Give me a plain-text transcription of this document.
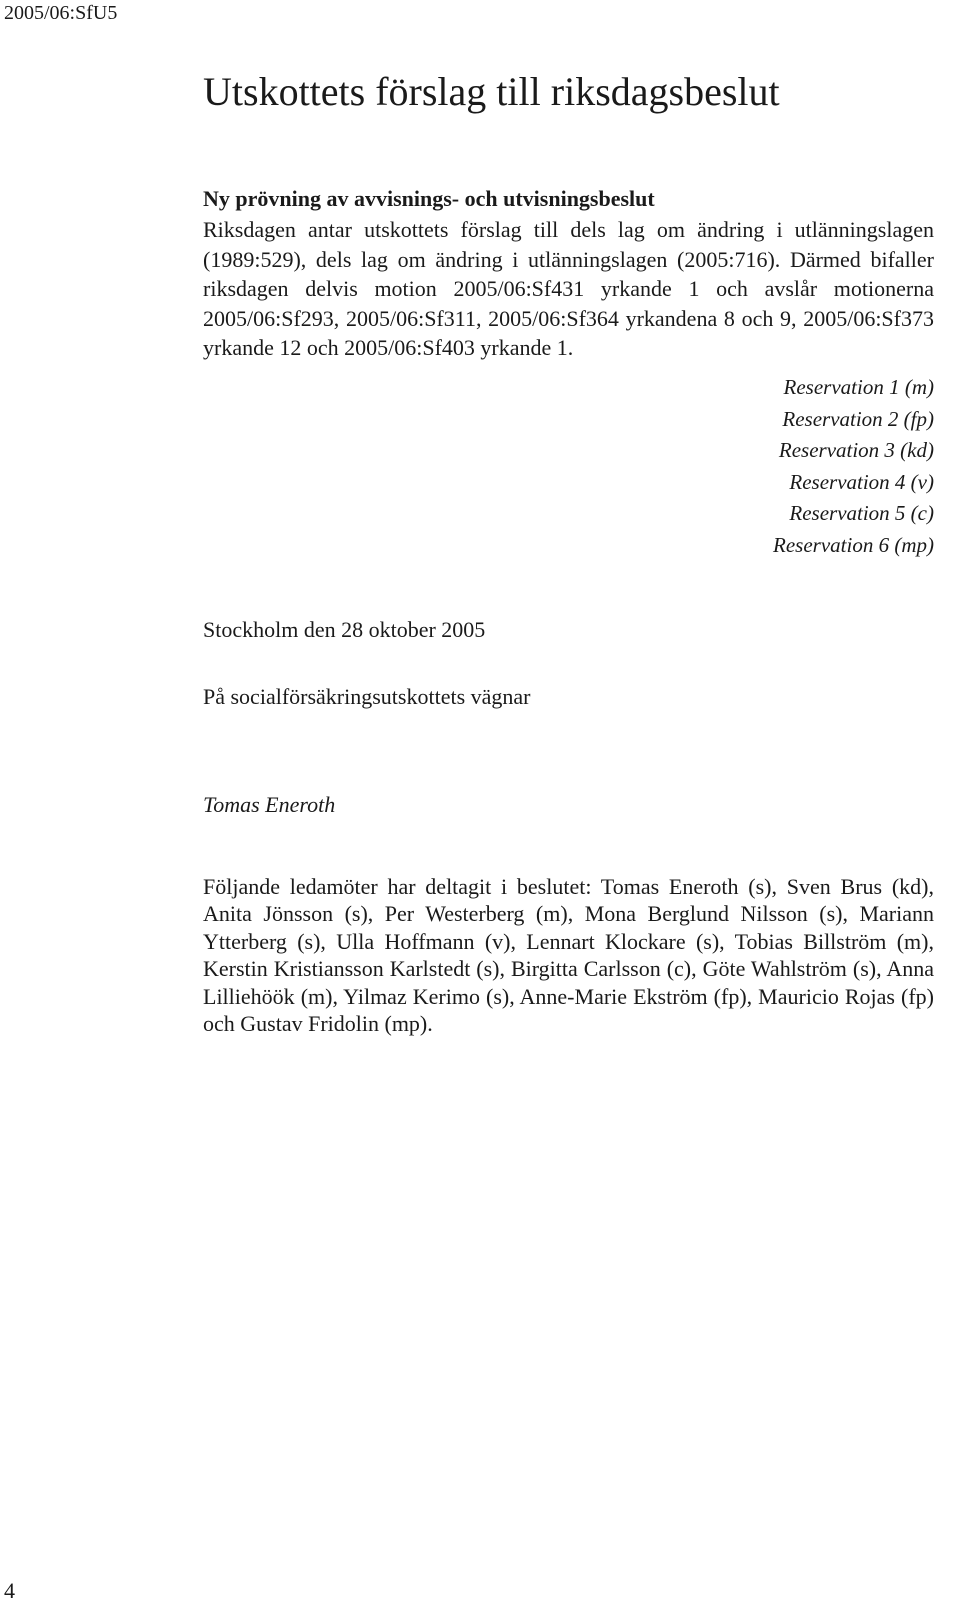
2005/06:SfU5
Utskottets förslag till riksdagsbeslut

Ny prövning av avvisnings- och utvisningsbeslut

Riksdagen antar utskottets förslag till dels lag om ändring i utlänningslagen (1989:529), dels lag om ändring i utlänningslagen (2005:716). Därmed bifaller riksdagen delvis motion 2005/06:Sf431 yrkande 1 och avslår motionerna 2005/06:Sf293, 2005/06:Sf311, 2005/06:Sf364 yrkandena 8 och 9, 2005/06:Sf373 yrkande 12 och 2005/06:Sf403 yrkande 1.

Reservation 1 (m)
Reservation 2 (fp)
Reservation 3 (kd)
Reservation 4 (v)
Reservation 5 (c)
Reservation 6 (mp)
Stockholm den 28 oktober 2005
På socialförsäkringsutskottets vägnar
Tomas Eneroth

Följande ledamöter har deltagit i beslutet: Tomas Eneroth (s), Sven Brus (kd), Anita Jönsson (s), Per Westerberg (m), Mona Berglund Nilsson (s), Mariann Ytterberg (s), Ulla Hoffmann (v), Lennart Klockare (s), Tobias Billström (m), Kerstin Kristiansson Karlstedt (s), Birgitta Carlsson (c), Göte Wahlström (s), Anna Lilliehöök (m), Yilmaz Kerimo (s), Anne-Marie Ekström (fp), Mauricio Rojas (fp) och Gustav Fridolin (mp).

4
